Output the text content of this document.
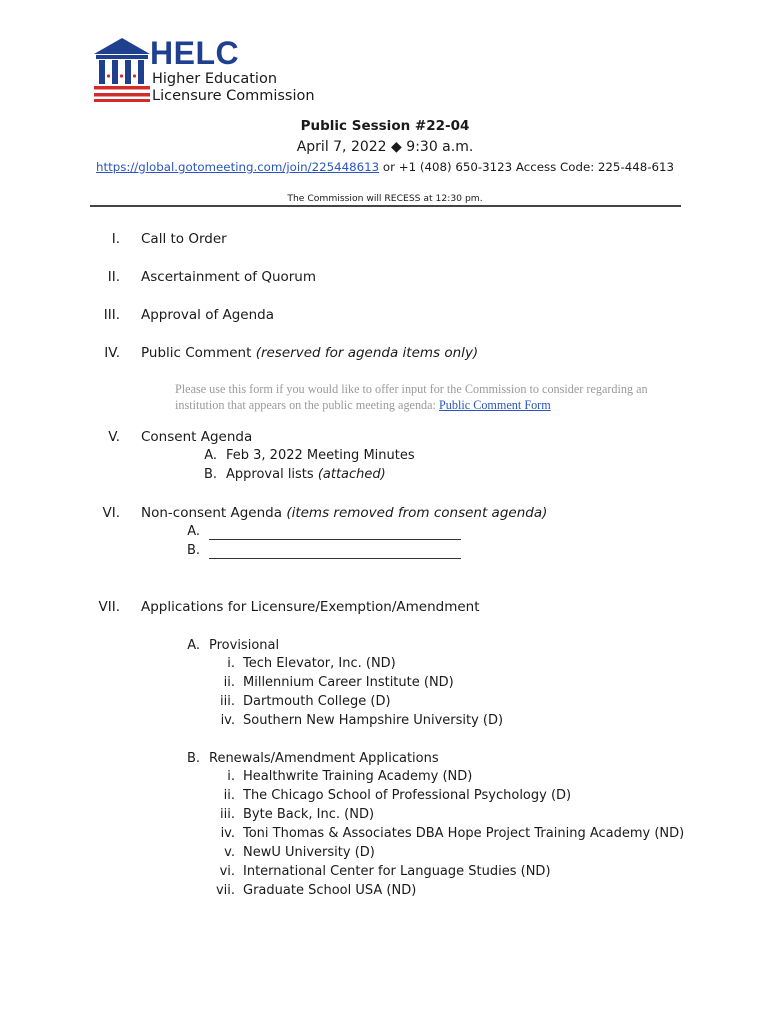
HELC
Higher Education
Licensure Commission
Public Session #22-04
April 7, 2022 ◆ 9:30 a.m.
https://global.gotomeeting.com/join/225448613 or +1 (408) 650-3123 Access Code: 225-448-613
The Commission will RECESS at 12:30 pm.
I. Call to Order
II. Ascertainment of Quorum
III. Approval of Agenda
IV. Public Comment (reserved for agenda items only)
Please use this form if you would like to offer input for the Commission to consider regarding an institution that appears on the public meeting agenda: Public Comment Form
V. Consent Agenda
A. Feb 3, 2022 Meeting Minutes
B. Approval lists (attached)
VI. Non-consent Agenda (items removed from consent agenda)
A.
B.
VII. Applications for Licensure/Exemption/Amendment
A. Provisional
i. Tech Elevator, Inc. (ND)
ii. Millennium Career Institute (ND)
iii. Dartmouth College (D)
iv. Southern New Hampshire University (D)
B. Renewals/Amendment Applications
i. Healthwrite Training Academy (ND)
ii. The Chicago School of Professional Psychology (D)
iii. Byte Back, Inc. (ND)
iv. Toni Thomas & Associates DBA Hope Project Training Academy (ND)
v. NewU University (D)
vi. International Center for Language Studies (ND)
vii. Graduate School USA (ND)
